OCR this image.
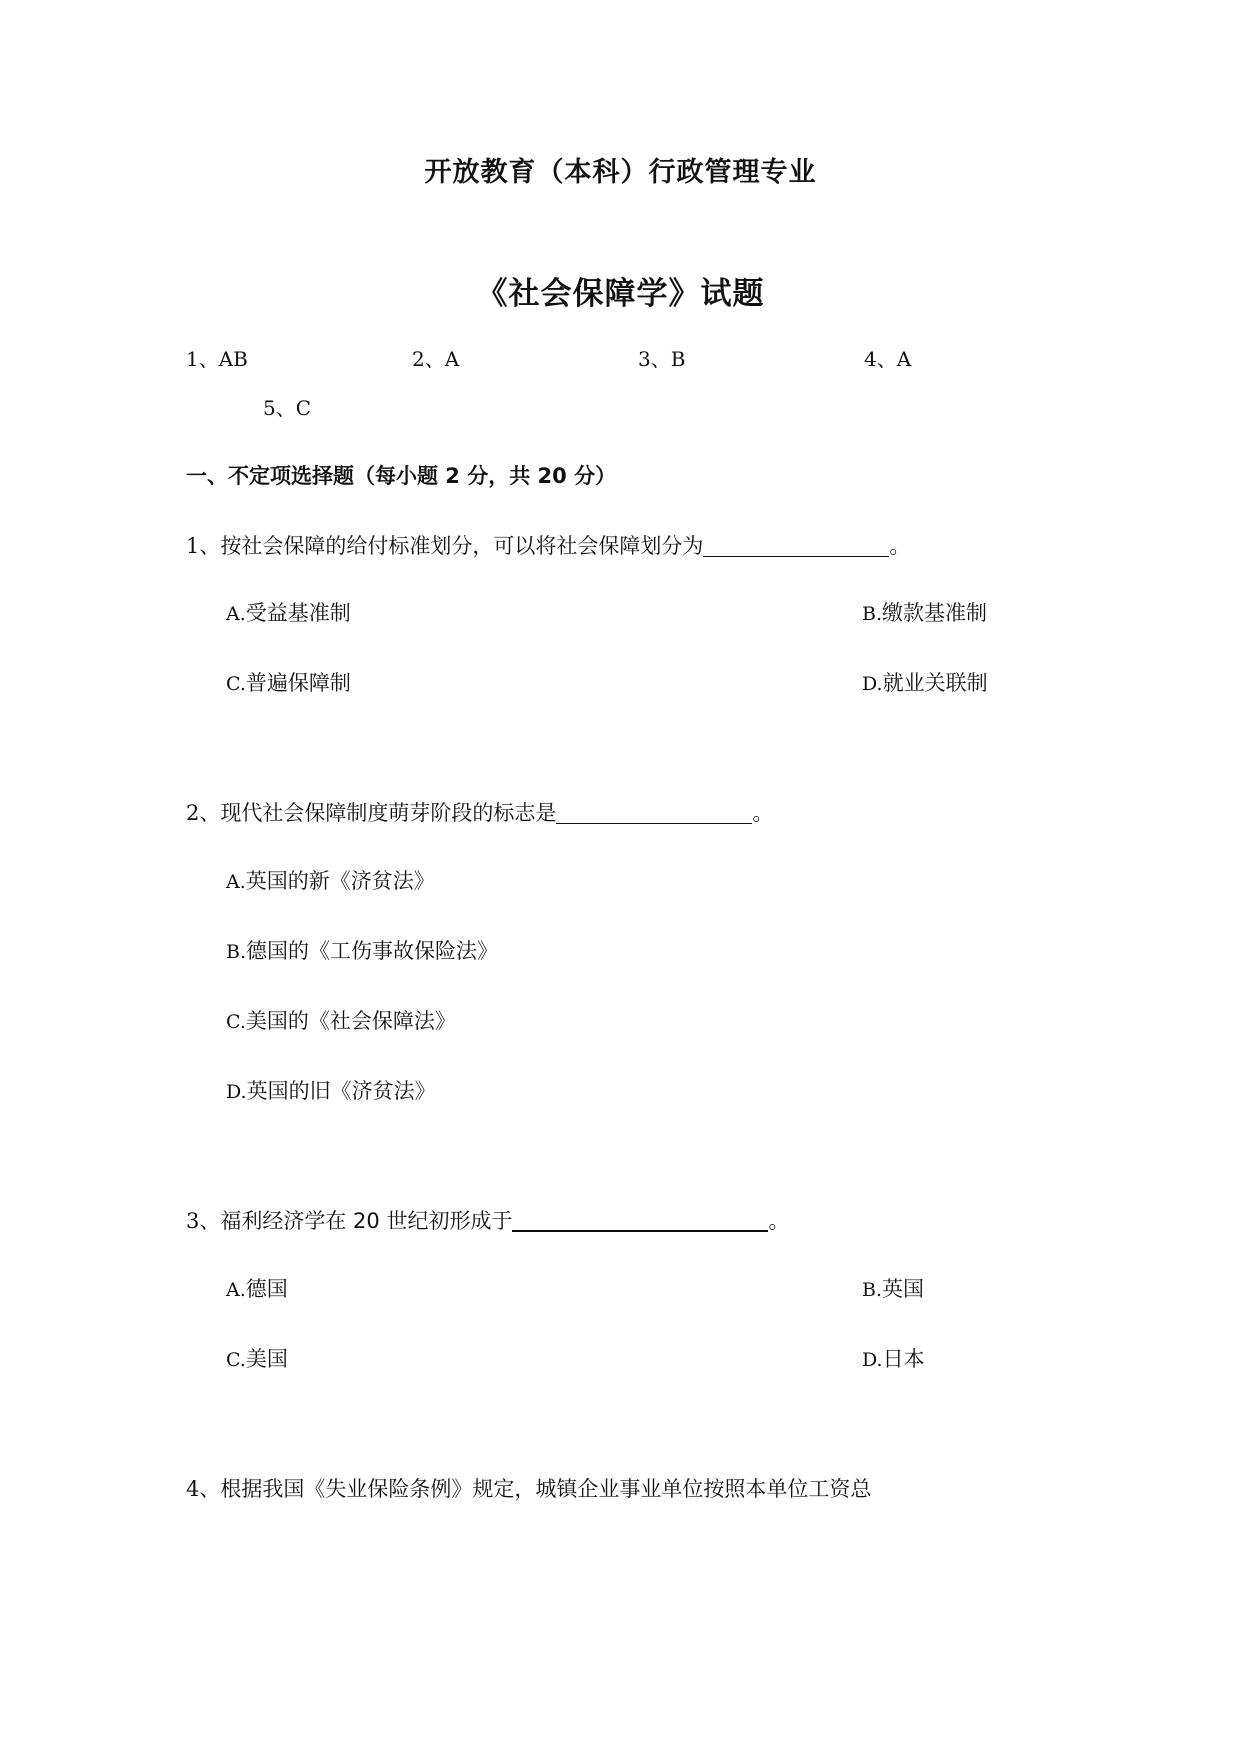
开放教育（本科）行政管理专业
《社会保障学》试题
1、AB	2、A	3、B	4、A
5、C
一、不定项选择题（每小题 2 分，共 20 分）
1、按社会保障的给付标准划分，可以将社会保障划分为	。
A.受益基准制	B.缴款基准制
C.普遍保障制	D.就业关联制
2、现代社会保障制度萌芽阶段的标志是	。
A.英国的新《济贫法》
B.德国的《工伤事故保险法》
C.美国的《社会保障法》
D.英国的旧《济贫法》
3、福利经济学在 20 世纪初形成于	。
A.德国	B.英国
C.美国	D.日本
4、根据我国《失业保险条例》规定，城镇企业事业单位按照本单位工资总
